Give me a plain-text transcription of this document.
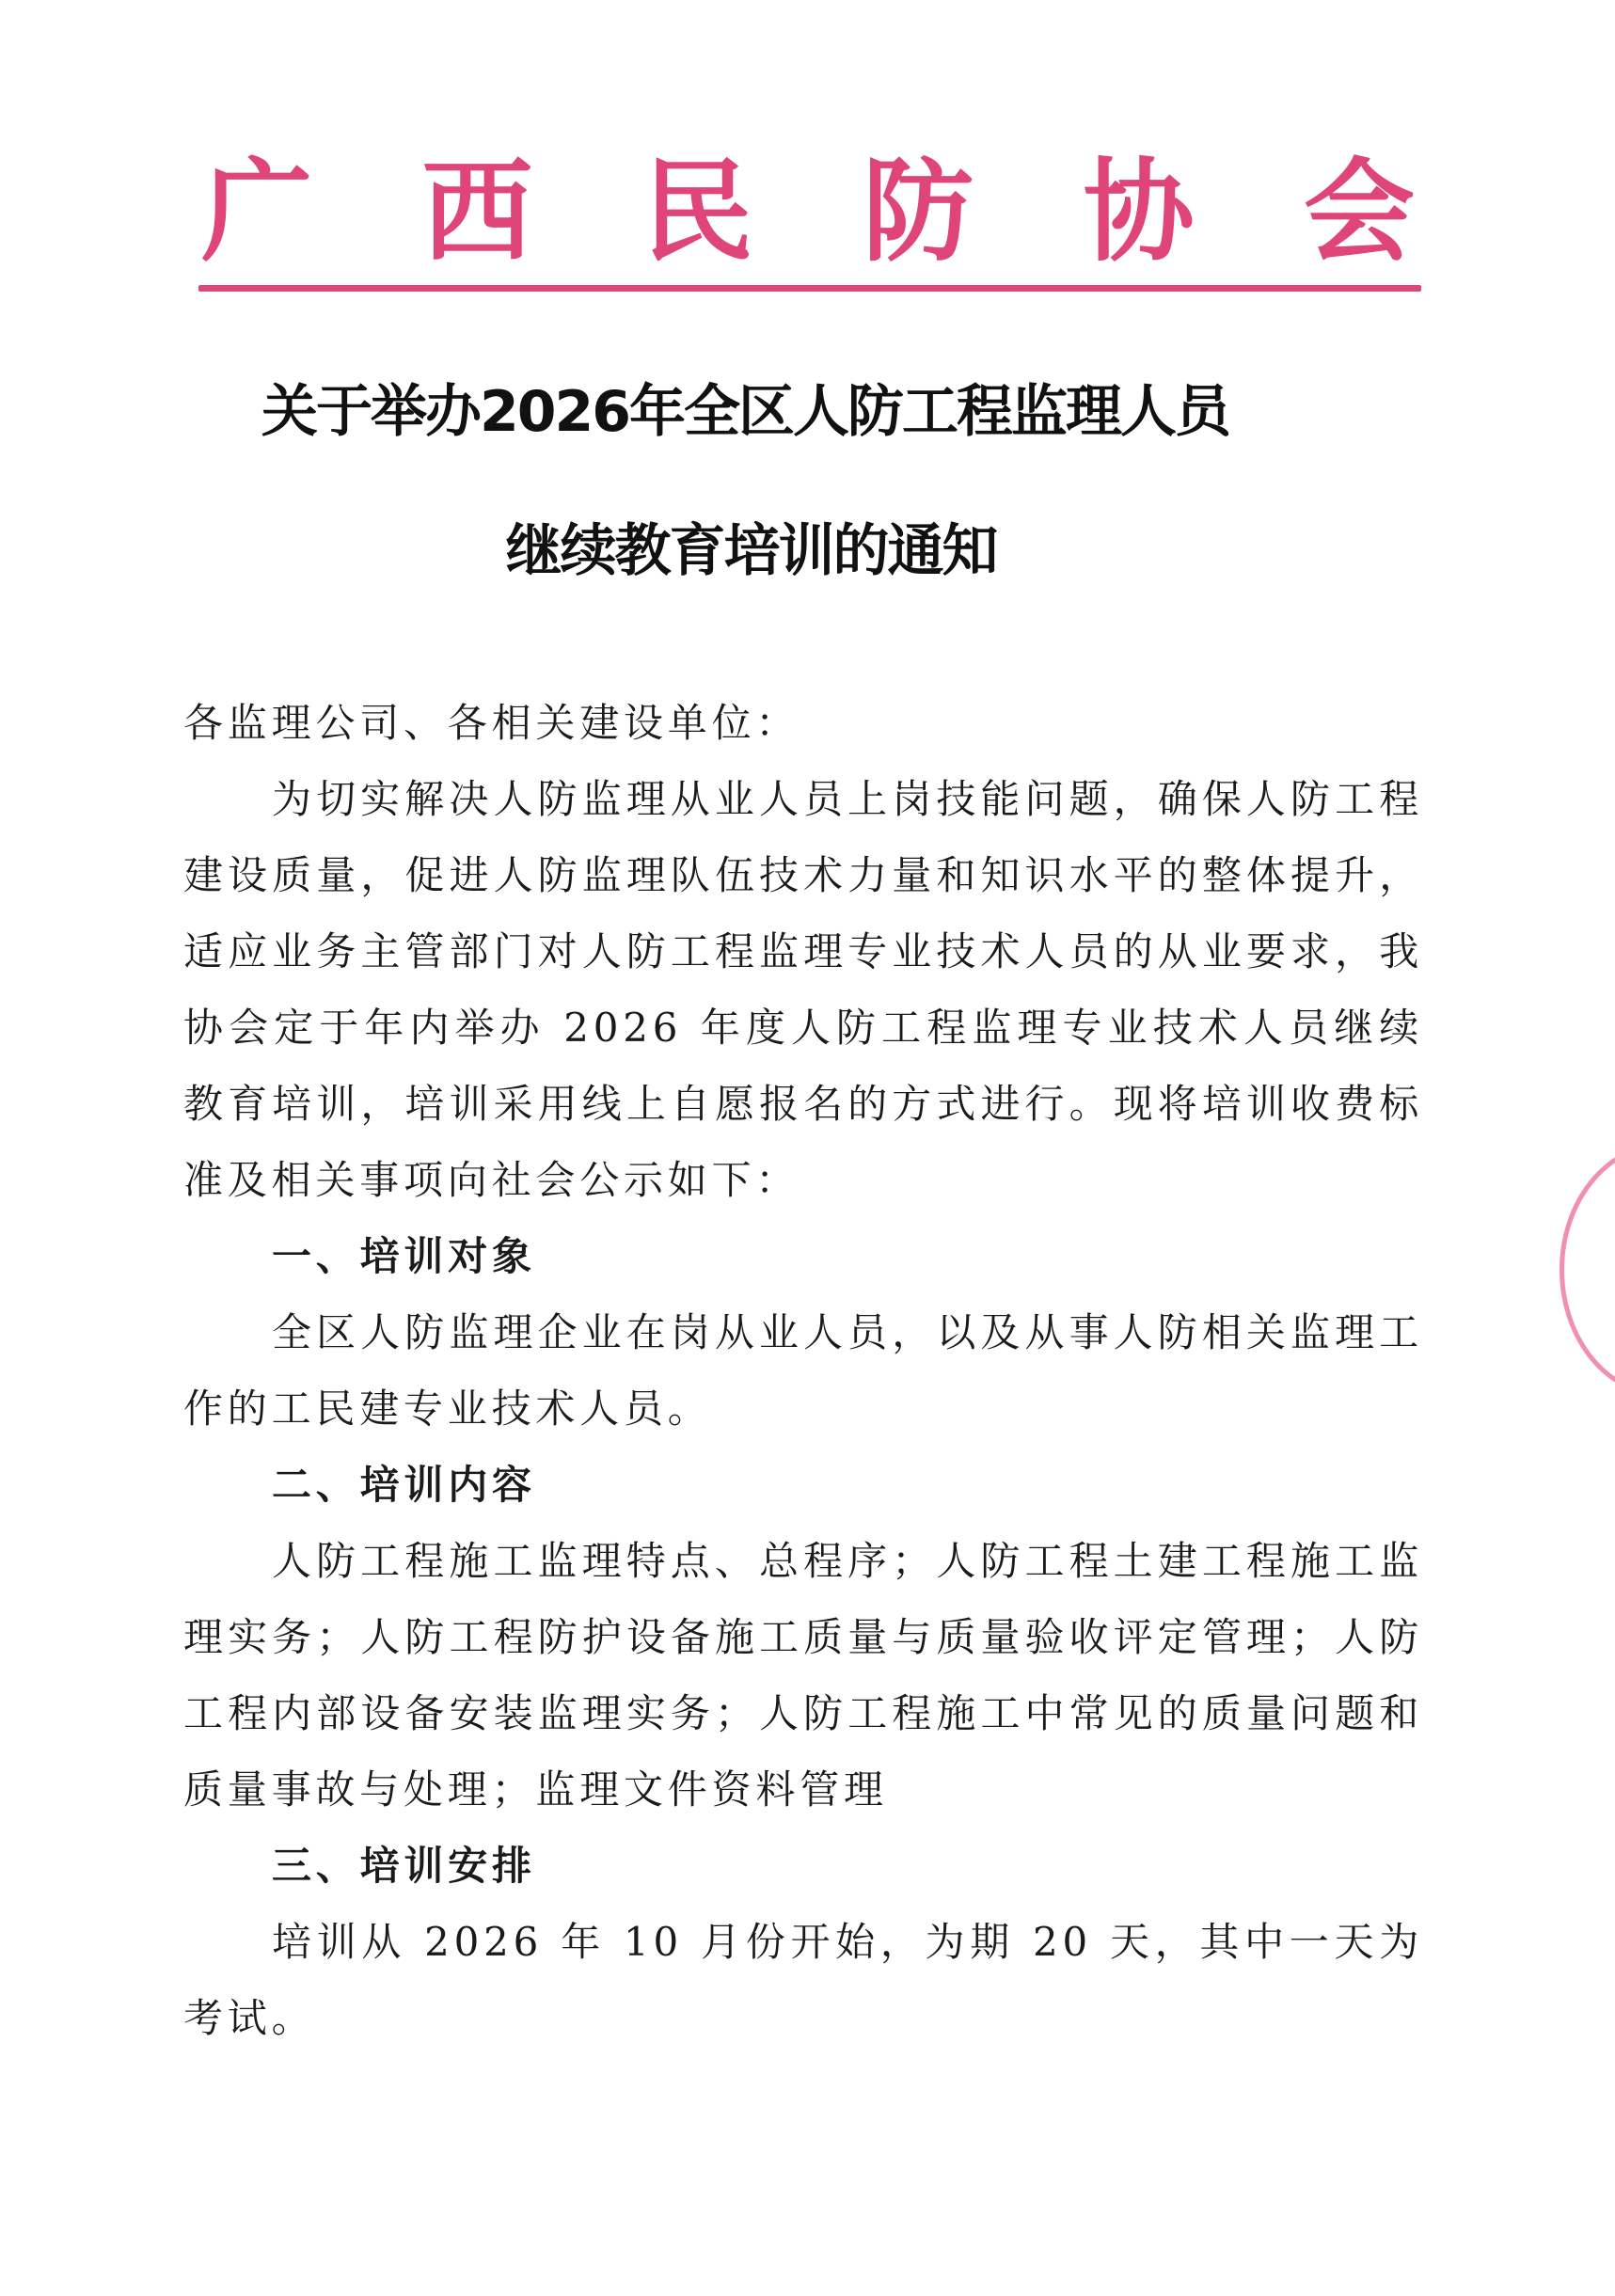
广 西 民 防 协 会
关于举办2026年全区人防工程监理人员
继续教育培训的通知

各监理公司、各相关建设单位：

为切实解决人防监理从业人员上岗技能问题，确保人防工程建设质量，促进人防监理队伍技术力量和知识水平的整体提升，适应业务主管部门对人防工程监理专业技术人员的从业要求，我协会定于年内举办 2026 年度人防工程监理专业技术人员继续教育培训，培训采用线上自愿报名的方式进行。现将培训收费标准及相关事项向社会公示如下：

一、培训对象

全区人防监理企业在岗从业人员，以及从事人防相关监理工作的工民建专业技术人员。

二、培训内容

人防工程施工监理特点、总程序；人防工程土建工程施工监理实务；人防工程防护设备施工质量与质量验收评定管理；人防工程内部设备安装监理实务；人防工程施工中常见的质量问题和质量事故与处理；监理文件资料管理

三、培训安排

培训从 2026 年 10 月份开始，为期 20 天，其中一天为考试。
